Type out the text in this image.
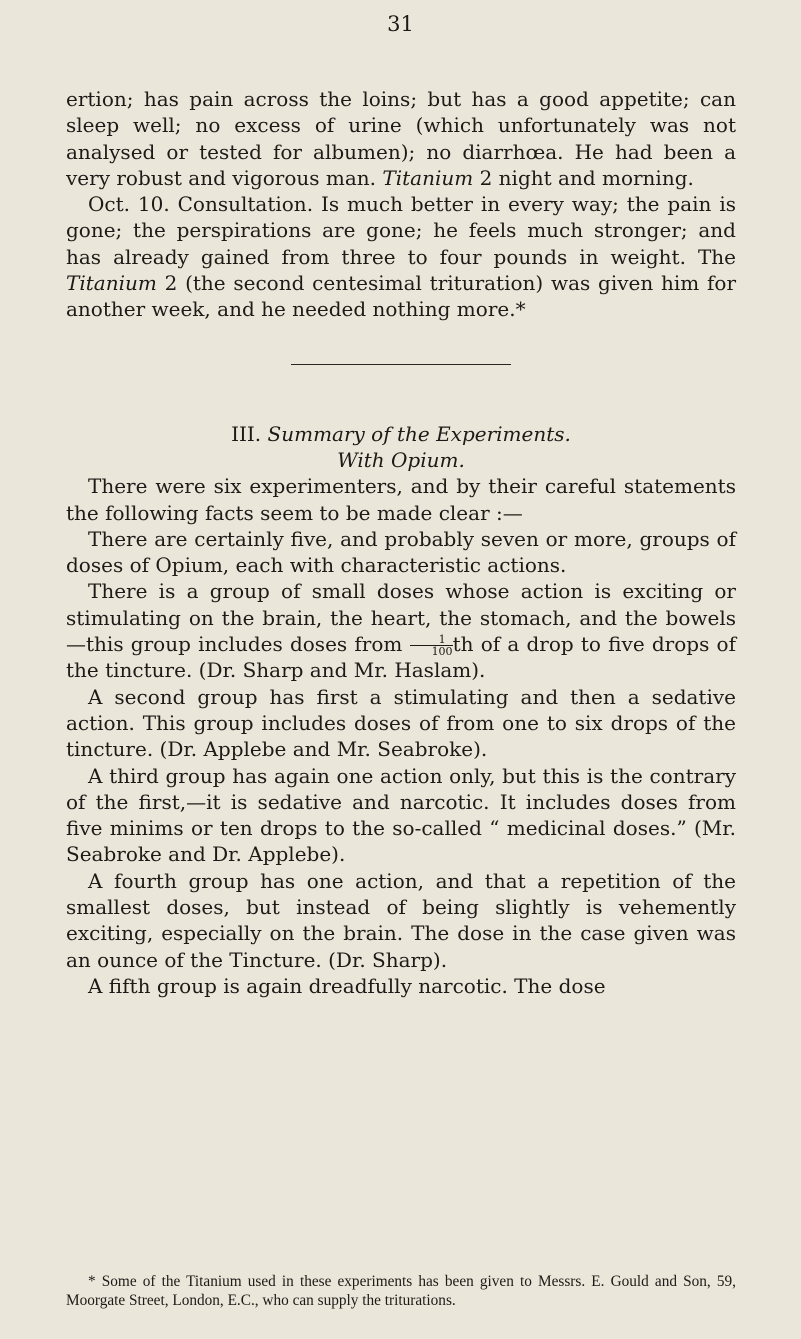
31

ertion; has pain across the loins; but has a good appetite; can sleep well; no excess of urine (which unfortunately was not analysed or tested for albumen); no diarrhœa. He had been a very robust and vigorous man. Titanium 2 night and morning.

Oct. 10. Consultation. Is much better in every way; the pain is gone; the perspirations are gone; he feels much stronger; and has already gained from three to four pounds in weight. The Titanium 2 (the second centesimal trituration) was given him for another week, and he needed nothing more.*

III. Summary of the Experiments.

With Opium.

There were six experimenters, and by their careful statements the following facts seem to be made clear :—

There are certainly five, and probably seven or more, groups of doses of Opium, each with characteristic actions.

There is a group of small doses whose action is exciting or stimulating on the brain, the heart, the stomach, and the bowels—this group includes doses from $\frac{1}{100}$ th of a drop to five drops of the tincture. (Dr. Sharp and Mr. Haslam).

A second group has first a stimulating and then a sedative action. This group includes doses of from one to six drops of the tincture. (Dr. Applebe and Mr. Seabroke).

A third group has again one action only, but this is the contrary of the first,—it is sedative and narcotic. It includes doses from five minims or ten drops to the so-called “ medicinal doses.” (Mr. Seabroke and Dr. Applebe).

A fourth group has one action, and that a repetition of the smallest doses, but instead of being slightly is vehemently exciting, especially on the brain. The dose in the case given was an ounce of the Tincture. (Dr. Sharp).

A fifth group is again dreadfully narcotic. The dose

* Some of the Titanium used in these experiments has been given to Messrs. E. Gould and Son, 59, Moorgate Street, London, E.C., who can supply the triturations.
